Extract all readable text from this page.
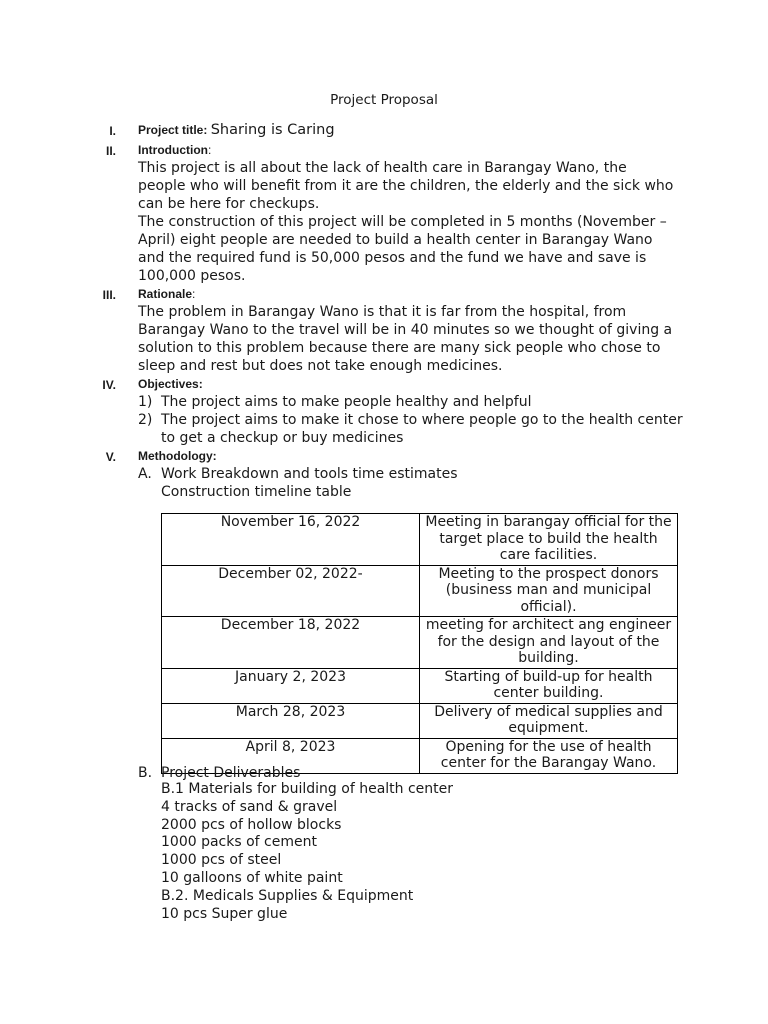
Project Proposal
I. Project title: Sharing is Caring
II. Introduction:

This project is all about the lack of health care in Barangay Wano, the people who will benefit from it are the children, the elderly and the sick who can be here for checkups.

The construction of this project will be completed in 5 months (November – April) eight people are needed to build a health center in Barangay Wano and the required fund is 50,000 pesos and the fund we have and save is 100,000 pesos.

III. Rationale:

The problem in Barangay Wano is that it is far from the hospital, from Barangay Wano to the travel will be in 40 minutes so we thought of giving a solution to this problem because there are many sick people who chose to sleep and rest but does not take enough medicines.

IV. Objectives:
1) The project aims to make people healthy and helpful
2) The project aims to make it chose to where people go to the health center to get a checkup or buy medicines
V. Methodology:
A. Work Breakdown and tools time estimates
Construction timeline table
November 16, 2022	Meeting in barangay official for the target place to build the health care facilities.
December 02, 2022-	Meeting to the prospect donors (business man and municipal official).
December 18, 2022	meeting for architect ang engineer for the design and layout of the building.
January 2, 2023	Starting of build-up for health center building.
March 28, 2023	Delivery of medical supplies and equipment.
April 8, 2023	Opening for the use of health center for the Barangay Wano.
B. Project Deliverables
B.1 Materials for building of health center
4 tracks of sand & gravel
2000 pcs of hollow blocks
1000 packs of cement
1000 pcs of steel
10 galloons of white paint
B.2. Medicals Supplies & Equipment
10 pcs Super glue
